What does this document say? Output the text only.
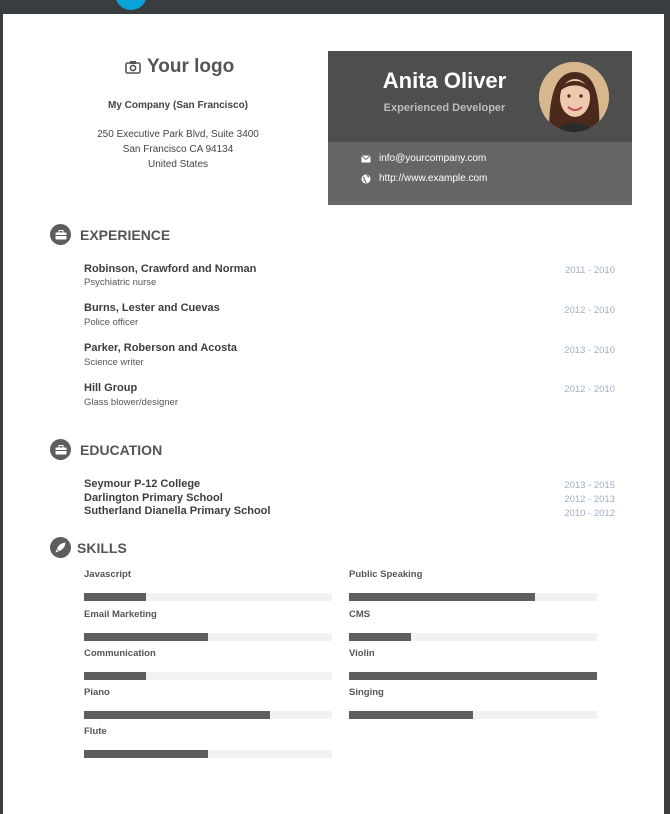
Your logo
My Company (San Francisco)
250 Executive Park Blvd, Suite 3400
San Francisco CA 94134
United States
Anita Oliver
Experienced Developer
info@yourcompany.com
http://www.example.com
EXPERIENCE
Robinson, Crawford and Norman
Psychiatric nurse
2011 - 2010
Burns, Lester and Cuevas
Police officer
2012 - 2010
Parker, Roberson and Acosta
Science writer
2013 - 2010
Hill Group
Glass blower/designer
2012 - 2010
EDUCATION
Seymour P-12 College	2013 - 2015
Darlington Primary School	2012 - 2013
Sutherland Dianella Primary School	2010 - 2012
SKILLS
Javascript	Public Speaking
Email Marketing	CMS
Communication	Violin
Piano	Singing
Flute
